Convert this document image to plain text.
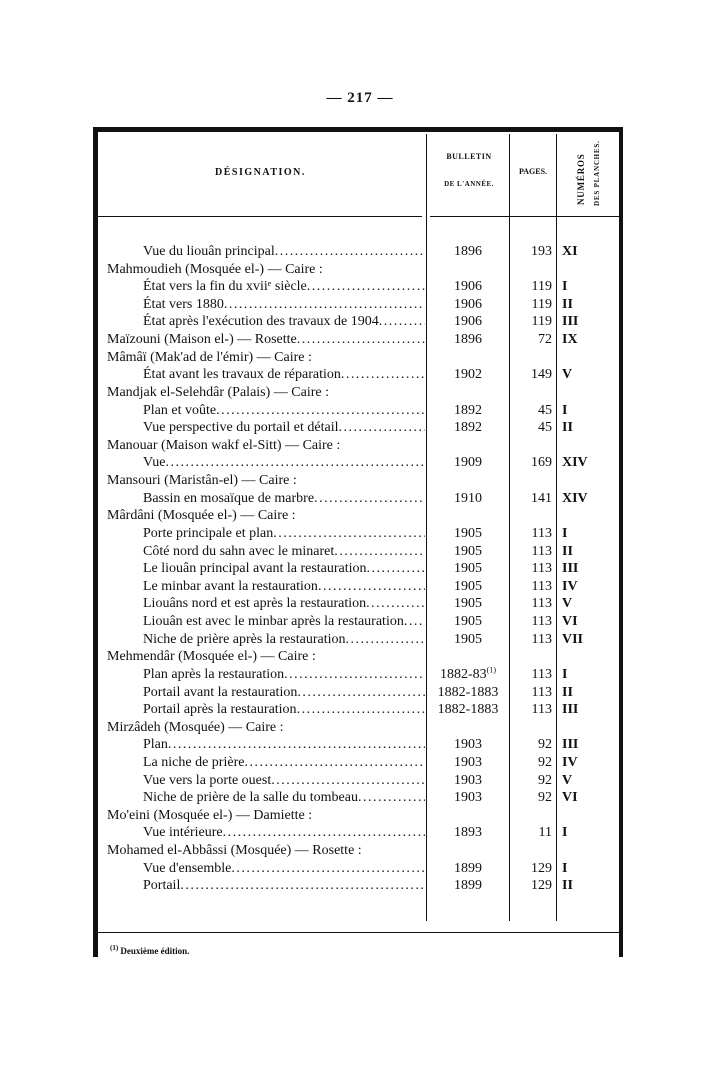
— 217 —
DÉSIGNATION.
BULLETIN
DE L'ANNÉE.
PAGES.	NUMÉROS DES PLANCHES.
Vue du liouân principal . . .	1896	193 XI
Mahmoudieh (Mosquée el-) — Caire :
État vers la fin du xviiᵉ siècle . . .	1906	119 I
État vers 1880 . . .	1906	119 II
État après l'exécution des travaux de 1904 . . .	1906	119 III
Maïzouni (Maison el-) — Rosette . . .	1896	72 IX
Mâmâï (Mak'ad de l'émir) — Caire :
État avant les travaux de réparation . . .	1902	149 V
Mandjak el-Selehdâr (Palais) — Caire :
Plan et voûte . . .	1892	45 I
Vue perspective du portail et détail . . .	1892	45 II
Manouar (Maison wakf el-Sitt) — Caire :
Vue . . .	1909	169 XIV
Mansouri (Maristân-el) — Caire :
Bassin en mosaïque de marbre . . .	1910	141 XIV
Mârdâni (Mosquée el-) — Caire :
Porte principale et plan . . .	1905	113 I
Côté nord du sahn avec le minaret . . .	1905	113 II
Le liouân principal avant la restauration . . .	1905	113 III
Le minbar avant la restauration . . .	1905	113 IV
Liouâns nord et est après la restauration . . .	1905	113 V
Liouân est avec le minbar après la restauration . . .	1905	113 VI
Niche de prière après la restauration . . .	1905	113 VII
Mehmendâr (Mosquée el-) — Caire :
Plan après la restauration . . .	1882-83$^{(1)}$	113 I
Portail avant la restauration . . .	1882-1883	113 II
Portail après la restauration . . .	1882-1883	113 III
Mirzâdeh (Mosquée) — Caire :
Plan . . .	1903	92 III
La niche de prière . . .	1903	92 IV
Vue vers la porte ouest . . .	1903	92 V
Niche de prière de la salle du tombeau . . .	1903	92 VI
Mo'eini (Mosquée el-) — Damiette :
Vue intérieure . . .	1893	11 I
Mohamed el-Abbâssi (Mosquée) — Rosette :
Vue d'ensemble . . .	1899	129 I
Portail . . .	1899	129 II
$^{(1)}$ Deuxième édition.
